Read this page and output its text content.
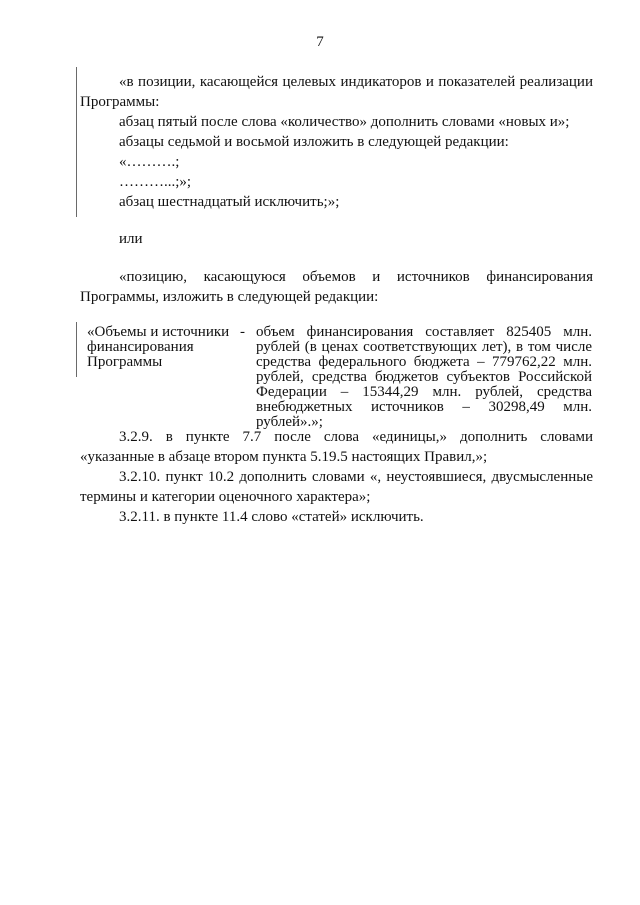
7
«в позиции, касающейся целевых индикаторов и показателей реализации
Программы:
абзац пятый после слова «количество» дополнить словами «новых и»;
абзацы седьмой и восьмой изложить в следующей редакции:
«……….;
………...;»;
абзац шестнадцатый исключить;»;
или
«позицию, касающуюся объемов и источников финансирования
Программы, изложить в следующей редакции:
«Объемы и источники
финансирования
Программы
- объем финансирования составляет 825405 млн.
рублей (в ценах соответствующих лет), в том числе
средства федерального бюджета – 779762,22 млн.
рублей, средства бюджетов субъектов Российской
Федерации – 15344,29 млн. рублей, средства
внебюджетных источников – 30298,49 млн.
рублей».»;
3.2.9. в пункте 7.7 после слова «единицы,» дополнить словами
«указанные в абзаце втором пункта 5.19.5 настоящих Правил,»;
3.2.10. пункт 10.2 дополнить словами «, неустоявшиеся, двусмысленные
термины и категории оценочного характера»;
3.2.11. в пункте 11.4 слово «статей» исключить.
